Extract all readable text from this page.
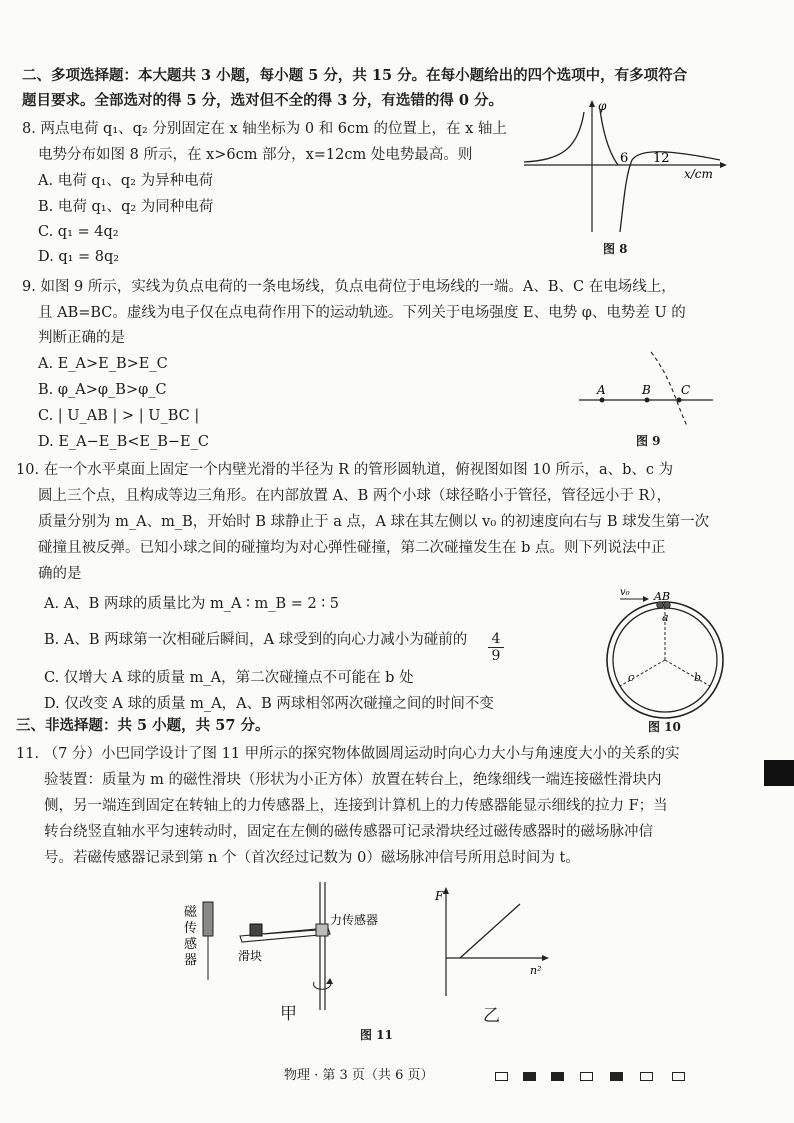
二、多项选择题：本大题共 3 小题，每小题 5 分，共 15 分。在每小题给出的四个选项中，有多项符合
题目要求。全部选对的得 5 分，选对但不全的得 3 分，有选错的得 0 分。
8. 两点电荷 q₁、q₂ 分别固定在 x 轴坐标为 0 和 6cm 的位置上，在 x 轴上
电势分布如图 8 所示，在 x>6cm 部分，x=12cm 处电势最高。则
A. 电荷 q₁、q₂ 为异种电荷
B. 电荷 q₁、q₂ 为同种电荷
C. q₁ = 4q₂
D. q₁ = 8q₂
φ
6 12
x/cm
图 8
9. 如图 9 所示，实线为负点电荷的一条电场线，负点电荷位于电场线的一端。A、B、C 在电场线上，
且 AB=BC。虚线为电子仅在点电荷作用下的运动轨迹。下列关于电场强度 E、电势 φ、电势差 U 的
判断正确的是
A. E_A>E_B>E_C
B. φ_A>φ_B>φ_C
C. | U_AB | > | U_BC |
D. E_A−E_B<E_B−E_C
A	B	C
图 9
10. 在一个水平桌面上固定一个内壁光滑的半径为 R 的管形圆轨道，俯视图如图 10 所示，a、b、c 为
圆上三个点，且构成等边三角形。在内部放置 A、B 两个小球（球径略小于管径，管径远小于 R），
质量分别为 m_A、m_B，开始时 B 球静止于 a 点，A 球在其左侧以 v₀ 的初速度向右与 B 球发生第一次
碰撞且被反弹。已知小球之间的碰撞均为对心弹性碰撞，第二次碰撞发生在 b 点。则下列说法中正
确的是
A. A、B 两球的质量比为 m_A ∶ m_B = 2 ∶ 5
B. A、B 两球第一次相碰后瞬间，A 球受到的向心力减小为碰前的 $\frac{4}{9}$
C. 仅增大 A 球的质量 m_A，第二次碰撞点不可能在 b 处
D. 仅改变 A 球的质量 m_A，A、B 两球相邻两次碰撞之间的时间不变
v₀ AB
a
b
c
图 10
三、非选择题：共 5 小题，共 57 分。
11. （7 分）小巴同学设计了图 11 甲所示的探究物体做圆周运动时向心力大小与角速度大小的关系的实
验装置：质量为 m 的磁性滑块（形状为小正方体）放置在转台上，绝缘细线一端连接磁性滑块内
侧，另一端连到固定在转轴上的力传感器上，连接到计算机上的力传感器能显示细线的拉力 F；当
转台绕竖直轴水平匀速转动时，固定在左侧的磁传感器可记录滑块经过磁传感器时的磁场脉冲信
号。若磁传感器记录到第 n 个（首次经过记数为 0）磁场脉冲信号所用总时间为 t。
磁
传
感
器
力传感器
滑块
F
n²
甲	乙
图 11
物理 · 第 3 页（共 6 页）
